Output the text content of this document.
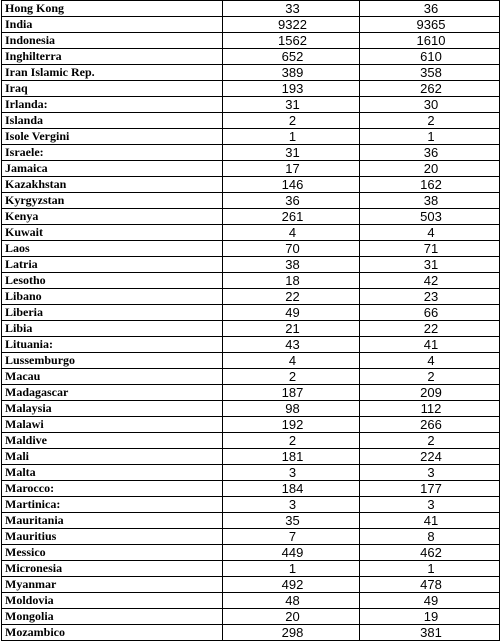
Hong Kong	33	36
India	9322	9365
Indonesia	1562	1610
Inghilterra	652	610
Iran Islamic Rep.	389	358
Iraq	193	262
Irlanda:	31	30
Islanda	2	2
Isole Vergini	1	1
Israele:	31	36
Jamaica	17	20
Kazakhstan	146	162
Kyrgyzstan	36	38
Kenya	261	503
Kuwait	4	4
Laos	70	71
Latria	38	31
Lesotho	18	42
Libano	22	23
Liberia	49	66
Libia	21	22
Lituania:	43	41
Lussemburgo	4	4
Macau	2	2
Madagascar	187	209
Malaysia	98	112
Malawi	192	266
Maldive	2	2
Mali	181	224
Malta	3	3
Marocco:	184	177
Martinica:	3	3
Mauritania	35	41
Mauritius	7	8
Messico	449	462
Micronesia	1	1
Myanmar	492	478
Moldovia	48	49
Mongolia	20	19
Mozambico	298	381
